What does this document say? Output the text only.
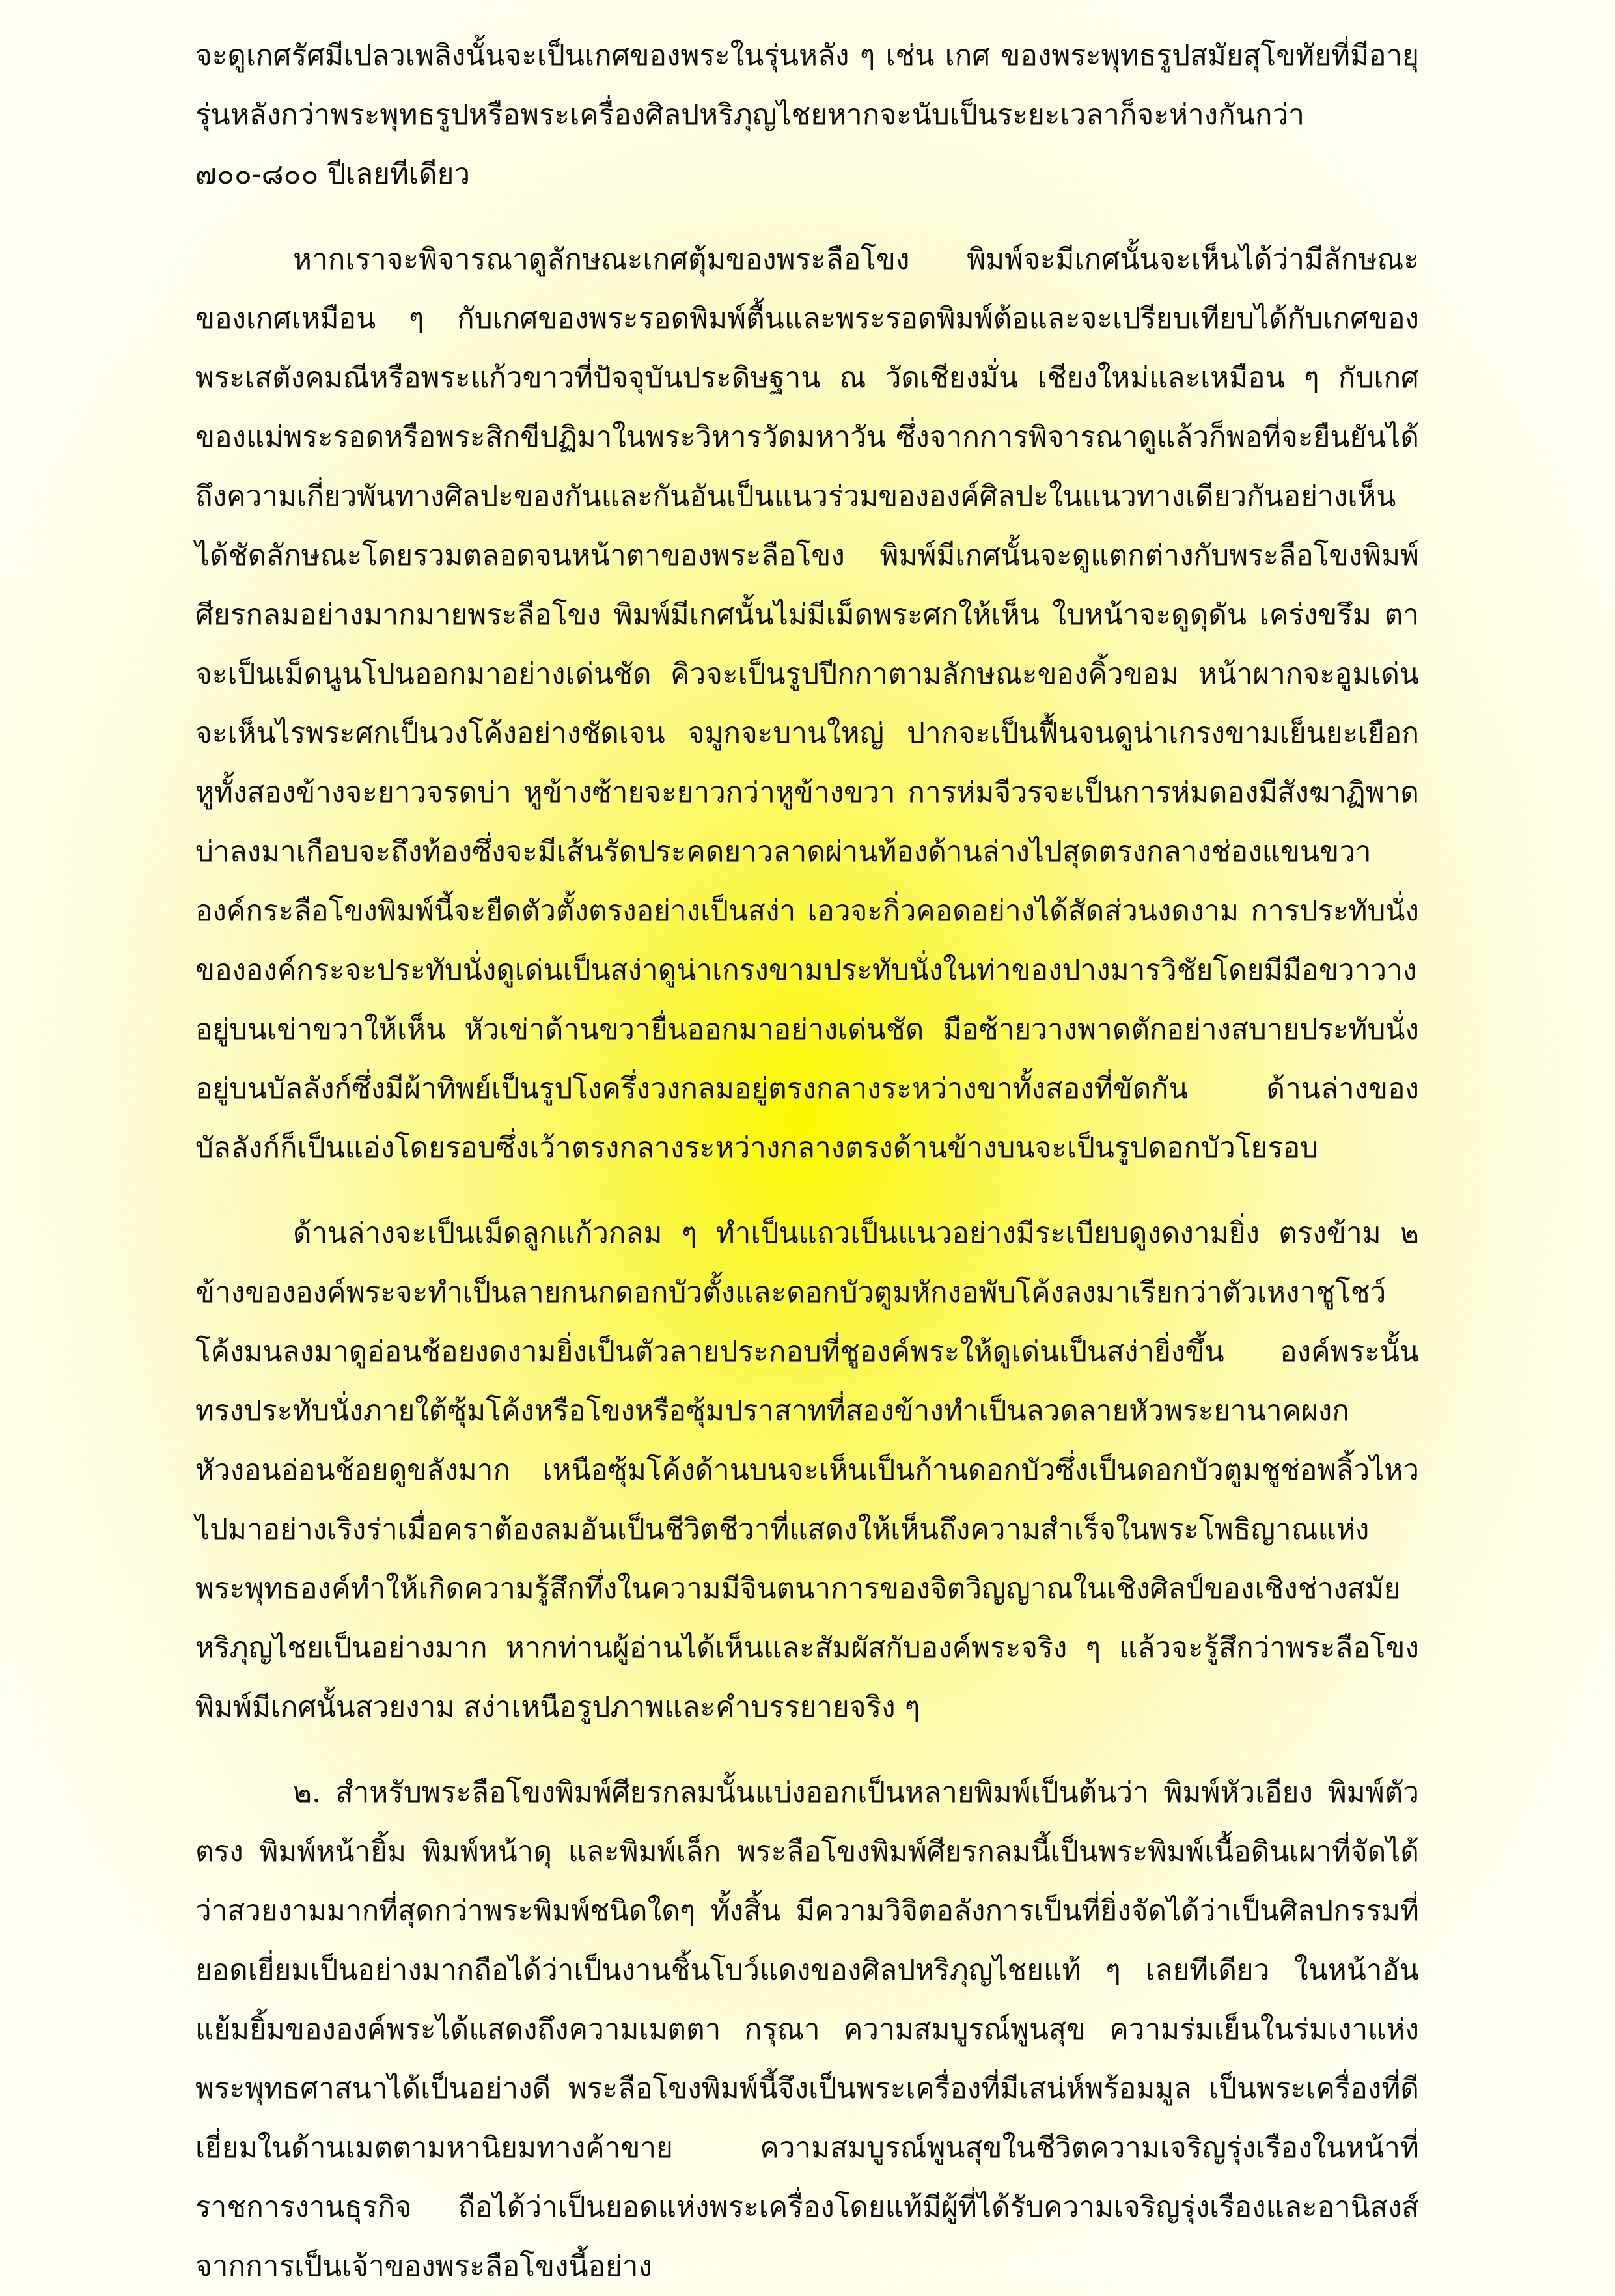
จะดูเกศรัศมีเปลวเพลิงนั้นจะเป็นเกศของพระในรุ่นหลัง ๆ เช่น เกศ ของพระพุทธรูปสมัยสุโขทัยที่มีอายุรุ่นหลังกว่าพระพุทธรูปหรือพระเครื่องศิลปหริภุญไชยหากจะนับเป็นระยะเวลาก็จะห่างกันกว่า ๗๐๐-๘๐๐ ปีเลยทีเดียว

หากเราจะพิจารณาดูลักษณะเกศตุ้มของพระลือโขง พิมพ์จะมีเกศนั้นจะเห็นได้ว่ามีลักษณะของเกศเหมือน ๆ กับเกศของพระรอดพิมพ์ตื้นและพระรอดพิมพ์ต้อและจะเปรียบเทียบได้กับเกศของพระเสตังคมณีหรือพระแก้วขาวที่ปัจจุบันประดิษฐาน ณ วัดเชียงมั่น เชียงใหม่และเหมือน ๆ กับเกศของแม่พระรอดหรือพระสิกขีปฏิมาในพระวิหารวัดมหาวัน ซึ่งจากการพิจารณาดูแล้วก็พอที่จะยืนยันได้ถึงความเกี่ยวพันทางศิลปะของกันและกันอันเป็นแนวร่วมขององค์ศิลปะในแนวทางเดียวกันอย่างเห็นได้ชัดลักษณะโดยรวมตลอดจนหน้าตาของพระลือโขง พิมพ์มีเกศนั้นจะดูแตกต่างกับพระลือโขงพิมพ์ศียรกลมอย่างมากมายพระลือโขง พิมพ์มีเกศนั้นไม่มีเม็ดพระศกให้เห็น ใบหน้าจะดูดุดัน เคร่งขรึม ตาจะเป็นเม็ดนูนโปนออกมาอย่างเด่นชัด คิวจะเป็นรูปปีกกาตามลักษณะของคิ้วขอม หน้าผากจะอูมเด่น จะเห็นไรพระศกเป็นวงโค้งอย่างชัดเจน จมูกจะบานใหญ่ ปากจะเป็นฟื้นจนดูน่าเกรงขามเย็นยะเยือก หูทั้งสองข้างจะยาวจรดบ่า หูข้างซ้ายจะยาวกว่าหูข้างขวา การห่มจีวรจะเป็นการห่มดองมีสังฆาฏิพาดบ่าลงมาเกือบจะถึงท้องซึ่งจะมีเส้นรัดประคดยาวลาดผ่านท้องด้านล่างไปสุดตรงกลางช่องแขนขวา องค์กระลือโขงพิมพ์นี้จะยืดตัวตั้งตรงอย่างเป็นสง่า เอวจะกิ่วคอดอย่างได้สัดส่วนงดงาม การประทับนั่งขององค์กระจะประทับนั่งดูเด่นเป็นสง่าดูน่าเกรงขามประทับนั่งในท่าของปางมารวิชัยโดยมีมือขวาวางอยู่บนเข่าขวาให้เห็น หัวเข่าด้านขวายื่นออกมาอย่างเด่นชัด มือซ้ายวางพาดตักอย่างสบายประทับนั่งอยู่บนบัลลังก์ซึ่งมีผ้าทิพย์เป็นรูปโงครึ่งวงกลมอยู่ตรงกลางระหว่างขาทั้งสองที่ขัดกัน ด้านล่างของบัลลังก์ก็เป็นแอ่งโดยรอบซึ่งเว้าตรงกลางระหว่างกลางตรงด้านข้างบนจะเป็นรูปดอกบัวโยรอบ

ด้านล่างจะเป็นเม็ดลูกแก้วกลม ๆ ทำเป็นแถวเป็นแนวอย่างมีระเบียบดูงดงามยิ่ง ตรงข้าม ๒ ข้างขององค์พระจะทำเป็นลายกนกดอกบัวตั้งและดอกบัวตูมหักงอพับโค้งลงมาเรียกว่าตัวเหงาชูโชว์โค้งมนลงมาดูอ่อนช้อยงดงามยิ่งเป็นตัวลายประกอบที่ชูองค์พระให้ดูเด่นเป็นสง่ายิ่งขึ้น องค์พระนั้นทรงประทับนั่งภายใต้ซุ้มโค้งหรือโขงหรือซุ้มปราสาทที่สองข้างทำเป็นลวดลายหัวพระยานาคผงกหัวงอนอ่อนช้อยดูขลังมาก เหนือซุ้มโค้งด้านบนจะเห็นเป็นก้านดอกบัวซึ่งเป็นดอกบัวตูมชูช่อพลิ้วไหวไปมาอย่างเริงร่าเมื่อคราต้องลมอันเป็นชีวิตชีวาที่แสดงให้เห็นถึงความสำเร็จในพระโพธิญาณแห่งพระพุทธองค์ทำให้เกิดความรู้สึกทึ่งในความมีจินตนาการของจิตวิญญาณในเชิงศิลป์ของเชิงช่างสมัยหริภุญไชยเป็นอย่างมาก หากท่านผู้อ่านได้เห็นและสัมผัสกับองค์พระจริง ๆ แล้วจะรู้สึกว่าพระลือโขงพิมพ์มีเกศนั้นสวยงาม สง่าเหนือรูปภาพและคำบรรยายจริง ๆ

๒. สำหรับพระลือโขงพิมพ์ศียรกลมนั้นแบ่งออกเป็นหลายพิมพ์เป็นต้นว่า พิมพ์หัวเอียง พิมพ์ตัวตรง พิมพ์หน้ายิ้ม พิมพ์หน้าดุ และพิมพ์เล็ก พระลือโขงพิมพ์ศียรกลมนี้เป็นพระพิมพ์เนื้อดินเผาที่จัดได้ว่าสวยงามมากที่สุดกว่าพระพิมพ์ชนิดใดๆ ทั้งสิ้น มีความวิจิตอลังการเป็นที่ยิ่งจัดได้ว่าเป็นศิลปกรรมที่ยอดเยี่ยมเป็นอย่างมากถือได้ว่าเป็นงานชิ้นโบว์แดงของศิลปหริภุญไชยแท้ ๆ เลยทีเดียว ในหน้าอันแย้มยิ้มขององค์พระได้แสดงถึงความเมตตา กรุณา ความสมบูรณ์พูนสุข ความร่มเย็นในร่มเงาแห่งพระพุทธศาสนาได้เป็นอย่างดี พระลือโขงพิมพ์นี้จึงเป็นพระเครื่องที่มีเสน่ห์พร้อมมูล เป็นพระเครื่องที่ดีเยี่ยมในด้านเมตตามหานิยมทางค้าขาย ความสมบูรณ์พูนสุขในชีวิตความเจริญรุ่งเรืองในหน้าที่ราชการงานธุรกิจ ถือได้ว่าเป็นยอดแห่งพระเครื่องโดยแท้มีผู้ที่ได้รับความเจริญรุ่งเรืองและอานิสงส์จากการเป็นเจ้าของพระลือโขงนี้อย่าง
